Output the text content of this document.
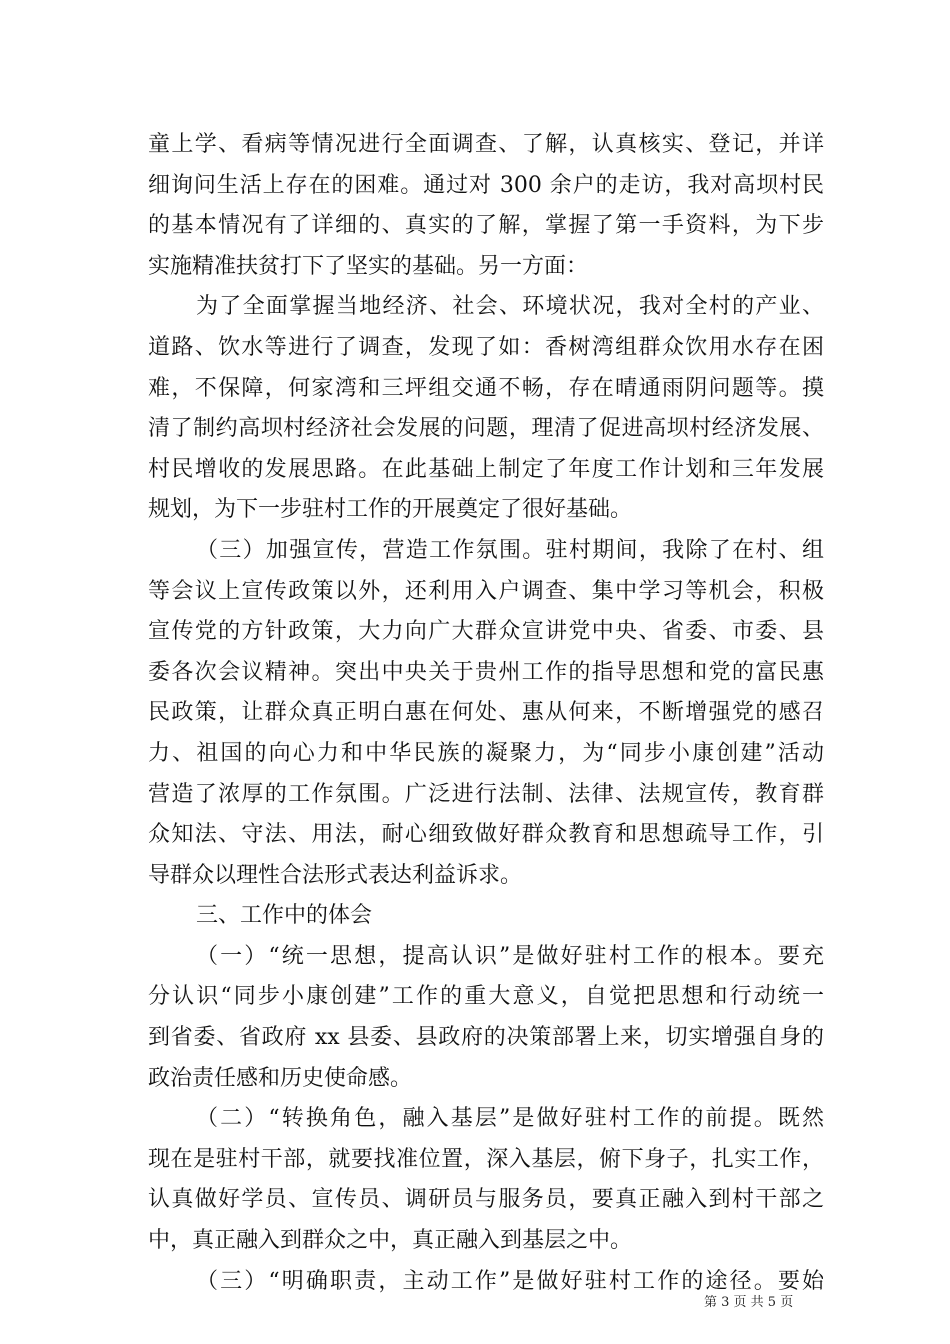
童上学、看病等情况进行全面调查、了解，认真核实、登记，并详
细询问生活上存在的困难。通过对 300 余户的走访，我对高坝村民
的基本情况有了详细的、真实的了解，掌握了第一手资料，为下步
实施精准扶贫打下了坚实的基础。另一方面：
为了全面掌握当地经济、社会、环境状况，我对全村的产业、
道路、饮水等进行了调查，发现了如：香树湾组群众饮用水存在困
难，不保障，何家湾和三坪组交通不畅，存在晴通雨阴问题等。摸
清了制约高坝村经济社会发展的问题，理清了促进高坝村经济发展、
村民增收的发展思路。在此基础上制定了年度工作计划和三年发展
规划，为下一步驻村工作的开展奠定了很好基础。
（三）加强宣传，营造工作氛围。驻村期间，我除了在村、组
等会议上宣传政策以外，还利用入户调查、集中学习等机会，积极
宣传党的方针政策，大力向广大群众宣讲党中央、省委、市委、县
委各次会议精神。突出中央关于贵州工作的指导思想和党的富民惠
民政策，让群众真正明白惠在何处、惠从何来，不断增强党的感召
力、祖国的向心力和中华民族的凝聚力，为“同步小康创建”活动
营造了浓厚的工作氛围。广泛进行法制、法律、法规宣传，教育群
众知法、守法、用法，耐心细致做好群众教育和思想疏导工作，引
导群众以理性合法形式表达利益诉求。
三、工作中的体会
（一）“统一思想，提高认识”是做好驻村工作的根本。要充
分认识“同步小康创建”工作的重大意义，自觉把思想和行动统一
到省委、省政府 xx 县委、县政府的决策部署上来，切实增强自身的
政治责任感和历史使命感。
（二）“转换角色，融入基层”是做好驻村工作的前提。既然
现在是驻村干部，就要找准位置，深入基层，俯下身子，扎实工作，
认真做好学员、宣传员、调研员与服务员，要真正融入到村干部之
中，真正融入到群众之中，真正融入到基层之中。
（三）“明确职责，主动工作”是做好驻村工作的途径。要始
第 3 页 共 5 页
